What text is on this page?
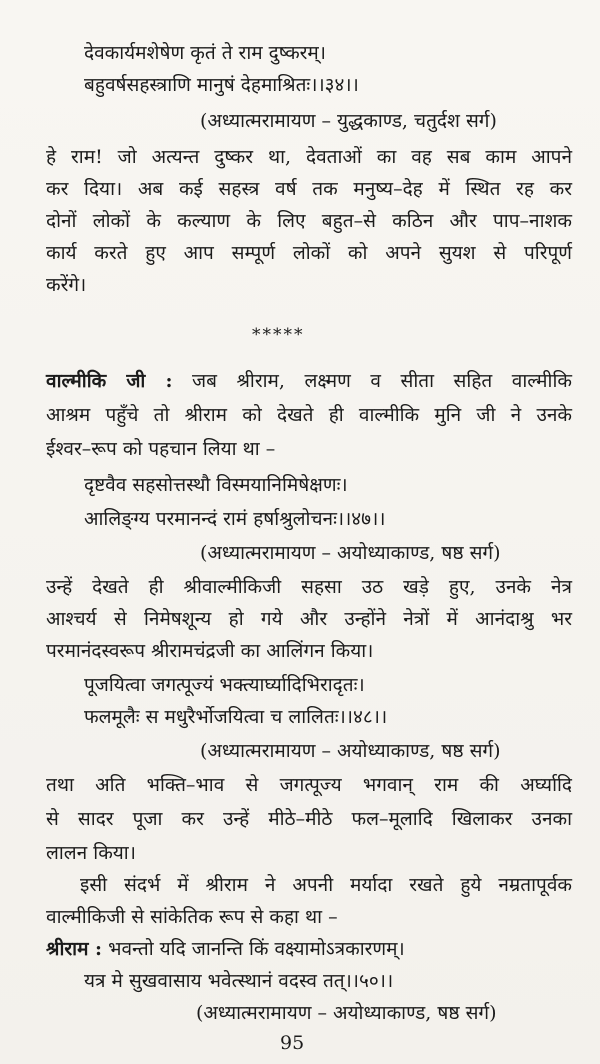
देवकार्यमशेषेण कृतं ते राम दुष्करम्।
बहुवर्षसहस्त्राणि मानुषं देहमाश्रितः।।३४।।
(अध्यात्मरामायण – युद्धकाण्ड, चतुर्दश सर्ग)
हे राम! जो अत्यन्त दुष्कर था, देवताओं का वह सब काम आपने
कर दिया। अब कई सहस्त्र वर्ष तक मनुष्य–देह में स्थित रह कर
दोनों लोकों के कल्याण के लिए बहुत–से कठिन और पाप–नाशक
कार्य करते हुए आप सम्पूर्ण लोकों को अपने सुयश से परिपूर्ण
करेंगे।
*****
वाल्मीकि जी : जब श्रीराम, लक्ष्मण व सीता सहित वाल्मीकि
आश्रम पहुँचे तो श्रीराम को देखते ही वाल्मीकि मुनि जी ने उनके
ईश्वर–रूप को पहचान लिया था –
दृष्टवैव सहसोत्तस्थौ विस्मयानिमिषेक्षणः।
आलिङ्ग्य परमानन्दं रामं हर्षाश्रुलोचनः।।४७।।
(अध्यात्मरामायण – अयोध्याकाण्ड, षष्ठ सर्ग)
उन्हें देखते ही श्रीवाल्मीकिजी सहसा उठ खड़े हुए, उनके नेत्र
आश्चर्य से निमेषशून्य हो गये और उन्होंने नेत्रों में आनंदाश्रु भर
परमानंदस्वरूप श्रीरामचंद्रजी का आलिंगन किया।
पूजयित्वा जगत्पूज्यं भक्त्यार्घ्यादिभिरादृतः।
फलमूलैः स मधुरैर्भोजयित्वा च लालितः।।४८।।
(अध्यात्मरामायण – अयोध्याकाण्ड, षष्ठ सर्ग)
तथा अति भक्ति–भाव से जगत्पूज्य भगवान् राम की अर्घ्यादि
से सादर पूजा कर उन्हें मीठे–मीठे फल–मूलादि खिलाकर उनका
लालन किया।
इसी संदर्भ में श्रीराम ने अपनी मर्यादा रखते हुये नम्रतापूर्वक
वाल्मीकिजी से सांकेतिक रूप से कहा था –
श्रीराम : भवन्तो यदि जानन्ति किं वक्ष्यामोऽत्रकारणम्।
यत्र मे सुखवासाय भवेत्स्थानं वदस्व तत्।।५०।।
(अध्यात्मरामायण – अयोध्याकाण्ड, षष्ठ सर्ग)
95
